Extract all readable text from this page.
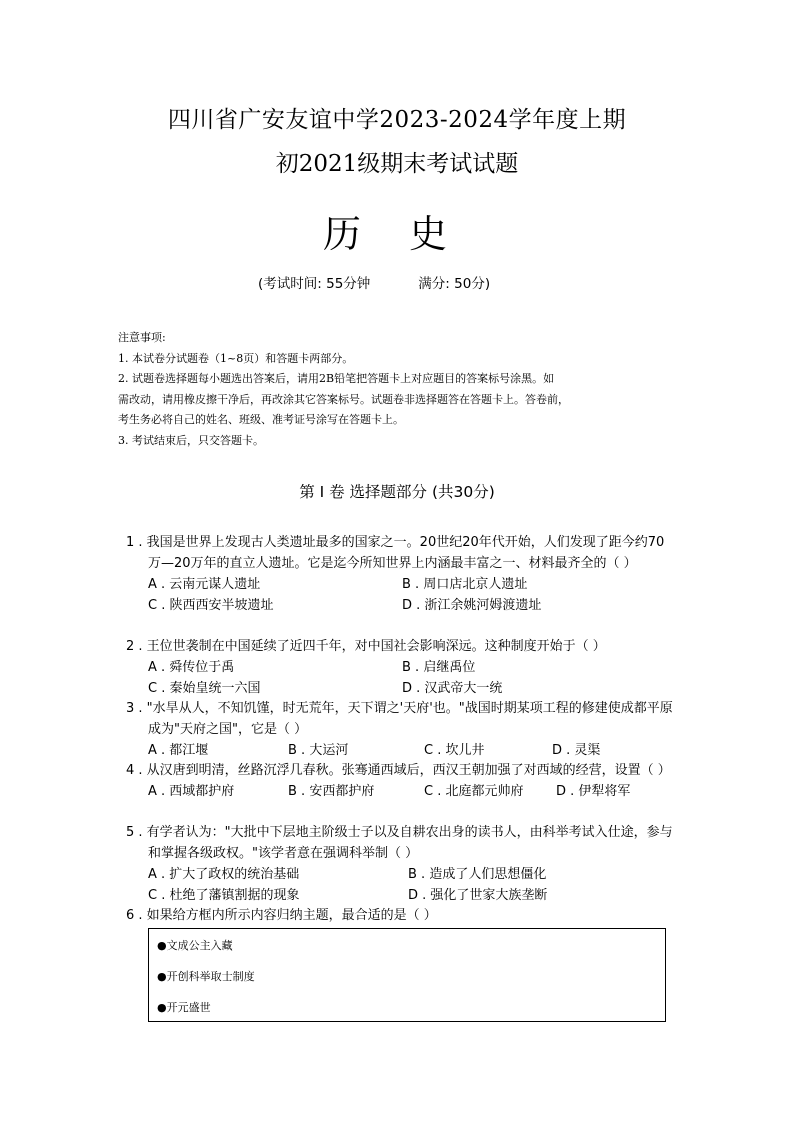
四川省广安友谊中学2023-2024学年度上期
初2021级期末考试试题
历史
(考试时间: 55分钟	满分: 50分)
注意事项:
1. 本试卷分试题卷（1~8页）和答题卡两部分。
2. 试题卷选择题每小题选出答案后，请用2B铅笔把答题卡上对应题目的答案标号涂黑。如
需改动，请用橡皮擦干净后，再改涂其它答案标号。试题卷非选择题答在答题卡上。答卷前，
考生务必将自己的姓名、班级、准考证号涂写在答题卡上。
3. 考试结束后，只交答题卡。
第 I 卷 选择题部分 (共30分)
1 . 我国是世界上发现古人类遗址最多的国家之一。20世纪20年代开始，人们发现了距今约70万—20万年的直立人遗址。它是迄今所知世界上内涵最丰富之一、材料最齐全的（ ）
A . 云南元谋人遗址	B . 周口店北京人遗址
C . 陕西西安半坡遗址	D . 浙江余姚河姆渡遗址
2 . 王位世袭制在中国延续了近四千年，对中国社会影响深远。这种制度开始于（ ）
A . 舜传位于禹	B . 启继禹位
C . 秦始皇统一六国	D . 汉武帝大一统
3 . "水旱从人，不知饥馑，时无荒年，天下谓之'天府'也。"战国时期某项工程的修建使成都平原成为"天府之国"，它是（ ）
A . 都江堰	B . 大运河	C . 坎儿井	D . 灵渠
4 . 从汉唐到明清，丝路沉浮几春秋。张骞通西域后，西汉王朝加强了对西域的经营，设置（ ）
A . 西域都护府	B . 安西都护府	C . 北庭都元帅府	D . 伊犁将军
5 . 有学者认为："大批中下层地主阶级士子以及自耕农出身的读书人，由科举考试入仕途，参与和掌握各级政权。"该学者意在强调科举制（ ）
A . 扩大了政权的统治基础	B . 造成了人们思想僵化
C . 杜绝了藩镇割据的现象	D . 强化了世家大族垄断
6 . 如果给方框内所示内容归纳主题，最合适的是（ ）
●文成公主入藏
●开创科举取士制度
●开元盛世
